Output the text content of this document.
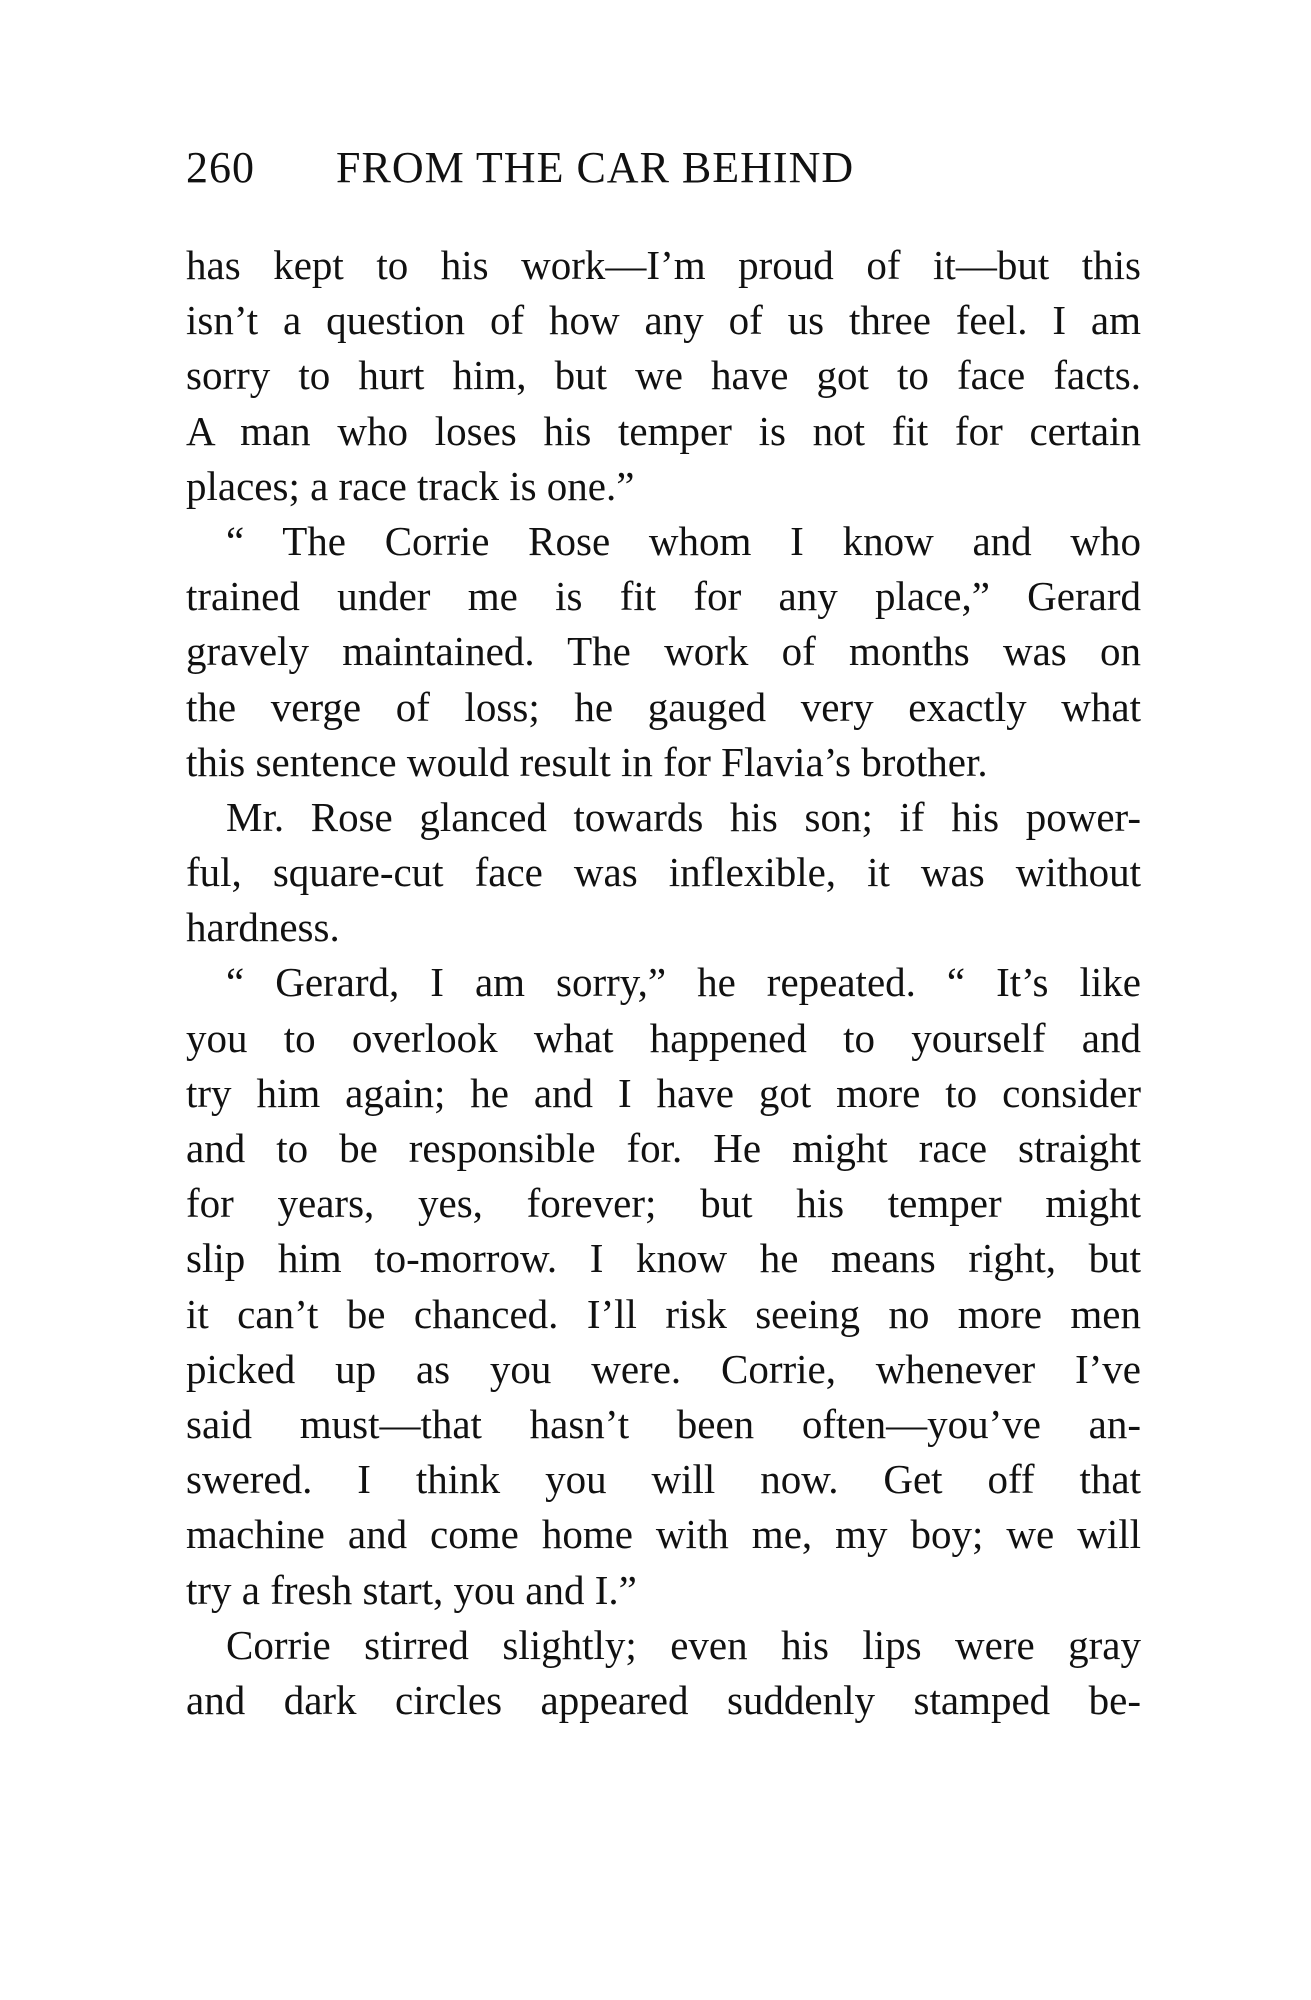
260 FROM THE CAR BEHIND
has kept to his work—I’m proud of it—but this
isn’t a question of how any of us three feel. I am
sorry to hurt him, but we have got to face facts.
A man who loses his temper is not fit for certain
places; a race track is one.”
“ The Corrie Rose whom I know and who
trained under me is fit for any place,” Gerard
gravely maintained. The work of months was on
the verge of loss; he gauged very exactly what
this sentence would result in for Flavia’s brother.
Mr. Rose glanced towards his son; if his power-
ful, square-cut face was inflexible, it was without
hardness.
“ Gerard, I am sorry,” he repeated. “ It’s like
you to overlook what happened to yourself and
try him again; he and I have got more to consider
and to be responsible for. He might race straight
for years, yes, forever; but his temper might
slip him to-morrow. I know he means right, but
it can’t be chanced. I’ll risk seeing no more men
picked up as you were. Corrie, whenever I’ve
said must—that hasn’t been often—you’ve an-
swered. I think you will now. Get off that
machine and come home with me, my boy; we will
try a fresh start, you and I.”
Corrie stirred slightly; even his lips were gray
and dark circles appeared suddenly stamped be-
